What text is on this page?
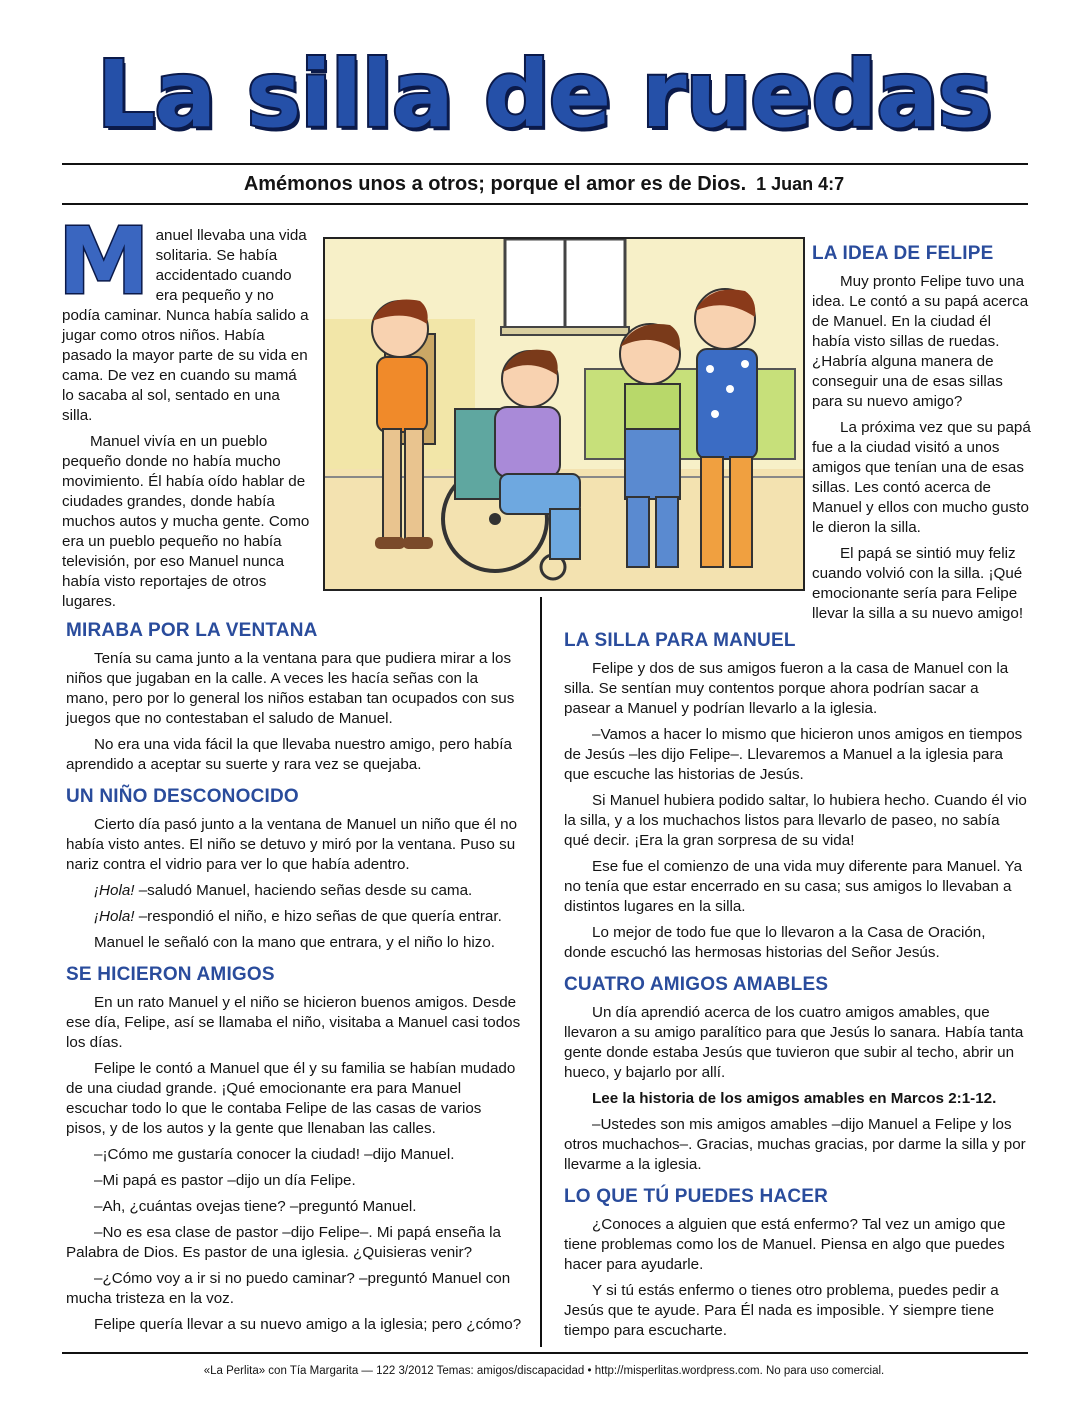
La silla de ruedas
Amémonos unos a otros; porque el amor es de Dios. 1 Juan 4:7
M anuel llevaba una vida solitaria. Se había accidentado cuando era pequeño y no podía caminar. Nunca había salido a jugar como otros niños. Había pasado la mayor parte de su vida en cama. De vez en cuando su mamá lo sacaba al sol, sentado en una silla.

Manuel vivía en un pueblo pequeño donde no había mucho movimiento. Él había oído hablar de ciudades grandes, donde había muchos autos y mucha gente. Como era un pueblo pequeño no había televisión, por eso Manuel nunca había visto reportajes de otros lugares.

LA IDEA DE FELIPE

Muy pronto Felipe tuvo una idea. Le contó a su papá acerca de Manuel. En la ciudad él había visto sillas de ruedas. ¿Habría alguna manera de conseguir una de esas sillas para su nuevo amigo?

La próxima vez que su papá fue a la ciudad visitó a unos amigos que tenían una de esas sillas. Les contó acerca de Manuel y ellos con mucho gusto le dieron la silla.

El papá se sintió muy feliz cuando volvió con la silla. ¡Qué emocionante sería para Felipe llevar la silla a su nuevo amigo!

MIRABA POR LA VENTANA

Tenía su cama junto a la ventana para que pudiera mirar a los niños que jugaban en la calle. A veces les hacía señas con la mano, pero por lo general los niños estaban tan ocupados con sus juegos que no contestaban el saludo de Manuel.

No era una vida fácil la que llevaba nuestro amigo, pero había aprendido a aceptar su suerte y rara vez se quejaba.

UN NIÑO DESCONOCIDO

Cierto día pasó junto a la ventana de Manuel un niño que él no había visto antes. El niño se detuvo y miró por la ventana. Puso su nariz contra el vidrio para ver lo que había adentro.

¡Hola! –saludó Manuel, haciendo señas desde su cama.

¡Hola! –respondió el niño, e hizo señas de que quería entrar.

Manuel le señaló con la mano que entrara, y el niño lo hizo.

SE HICIERON AMIGOS

En un rato Manuel y el niño se hicieron buenos amigos. Desde ese día, Felipe, así se llamaba el niño, visitaba a Manuel casi todos los días.

Felipe le contó a Manuel que él y su familia se habían mudado de una ciudad grande. ¡Qué emocionante era para Manuel escuchar todo lo que le contaba Felipe de las casas de varios pisos, y de los autos y la gente que llenaban las calles.

–¡Cómo me gustaría conocer la ciudad! –dijo Manuel.

–Mi papá es pastor –dijo un día Felipe.

–Ah, ¿cuántas ovejas tiene? –preguntó Manuel.

–No es esa clase de pastor –dijo Felipe–. Mi papá enseña la Palabra de Dios. Es pastor de una iglesia. ¿Quisieras venir?

–¿Cómo voy a ir si no puedo caminar? –preguntó Manuel con mucha tristeza en la voz.

Felipe quería llevar a su nuevo amigo a la iglesia; pero ¿cómo?

LA SILLA PARA MANUEL

Felipe y dos de sus amigos fueron a la casa de Manuel con la silla. Se sentían muy contentos porque ahora podrían sacar a pasear a Manuel y podrían llevarlo a la iglesia.

–Vamos a hacer lo mismo que hicieron unos amigos en tiempos de Jesús –les dijo Felipe–. Llevaremos a Manuel a la iglesia para que escuche las historias de Jesús.

Si Manuel hubiera podido saltar, lo hubiera hecho. Cuando él vio la silla, y a los muchachos listos para llevarlo de paseo, no sabía qué decir. ¡Era la gran sorpresa de su vida!

Ese fue el comienzo de una vida muy diferente para Manuel. Ya no tenía que estar encerrado en su casa; sus amigos lo llevaban a distintos lugares en la silla.

Lo mejor de todo fue que lo llevaron a la Casa de Oración, donde escuchó las hermosas historias del Señor Jesús.

CUATRO AMIGOS AMABLES

Un día aprendió acerca de los cuatro amigos amables, que llevaron a su amigo paralítico para que Jesús lo sanara. Había tanta gente donde estaba Jesús que tuvieron que subir al techo, abrir un hueco, y bajarlo por allí.

Lee la historia de los amigos amables en Marcos 2:1-12.

–Ustedes son mis amigos amables –dijo Manuel a Felipe y los otros muchachos–. Gracias, muchas gracias, por darme la silla y por llevarme a la iglesia.

LO QUE TÚ PUEDES HACER

¿Conoces a alguien que está enfermo? Tal vez un amigo que tiene problemas como los de Manuel. Piensa en algo que puedes hacer para ayudarle.

Y si tú estás enfermo o tienes otro problema, puedes pedir a Jesús que te ayude. Para Él nada es imposible. Y siempre tiene tiempo para escucharte.

«La Perlita» con Tía Margarita — 122 3/2012 Temas: amigos/discapacidad • http://misperlitas.wordpress.com. No para uso comercial.
